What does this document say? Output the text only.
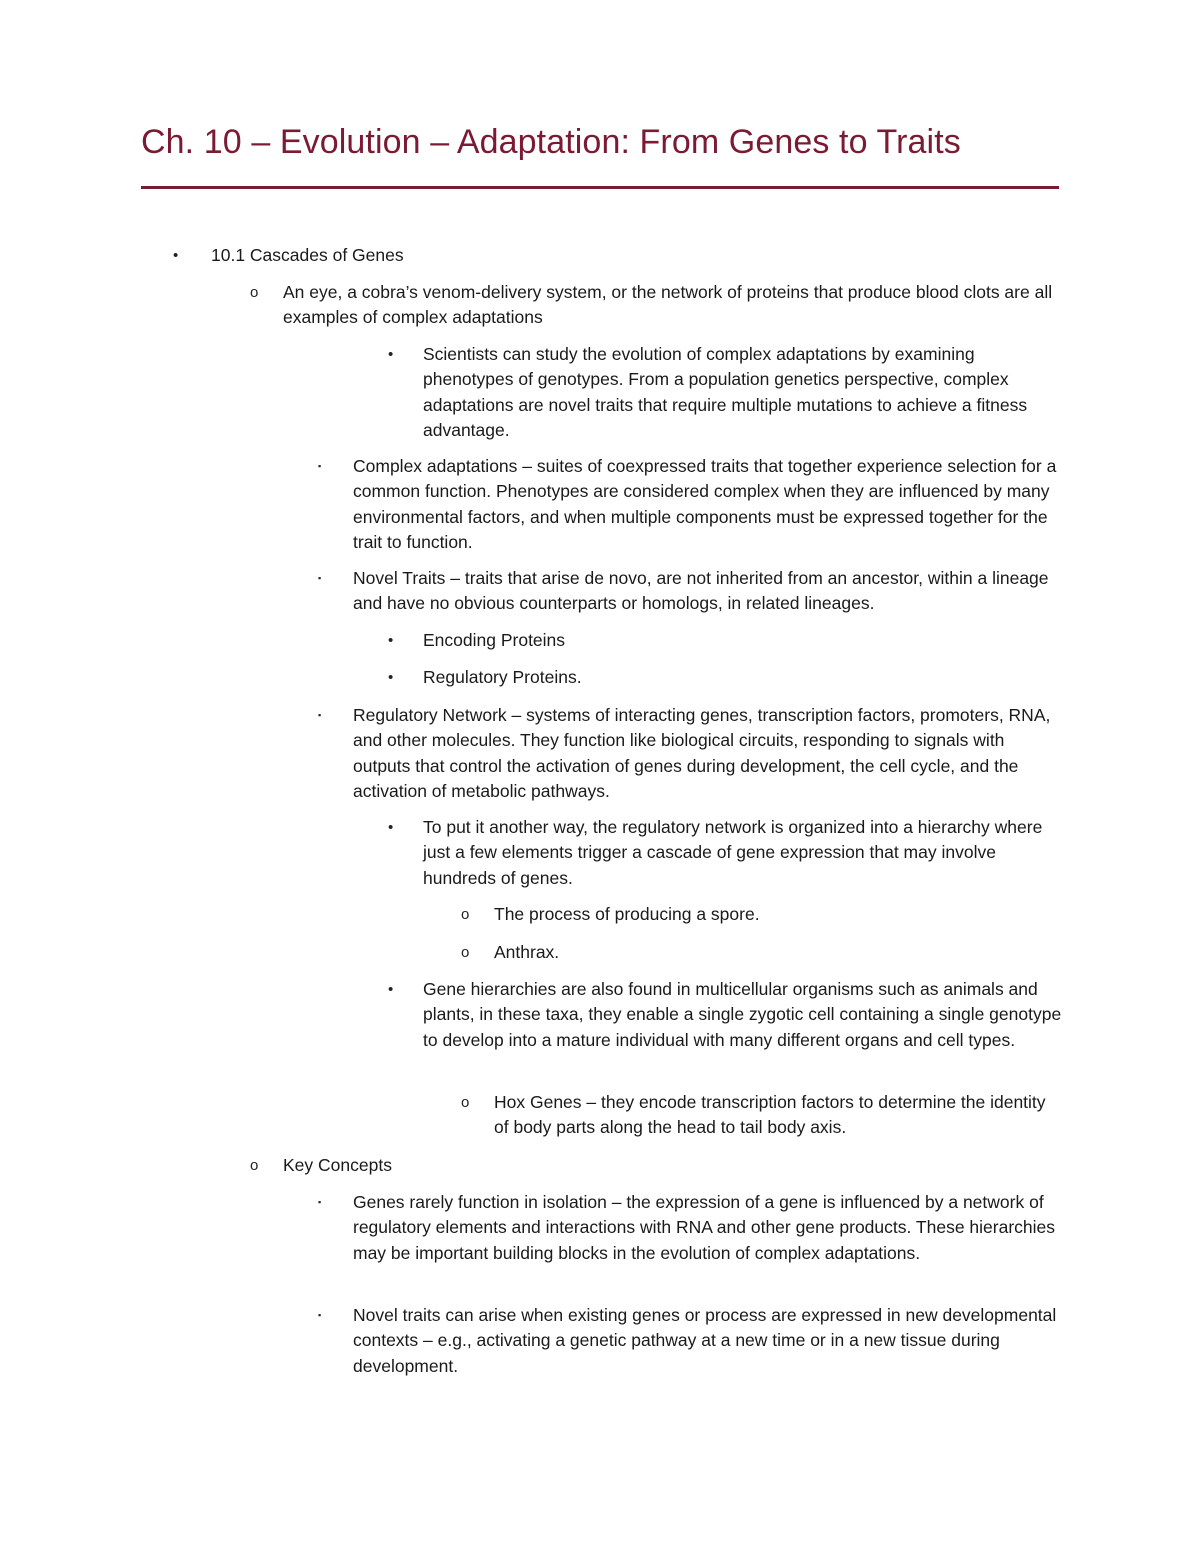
Ch. 10 – Evolution – Adaptation: From Genes to Traits
• 10.1 Cascades of Genes
o An eye, a cobra’s venom-delivery system, or the network of proteins that produce blood clots are all examples of complex adaptations
• Scientists can study the evolution of complex adaptations by examining phenotypes of genotypes. From a population genetics perspective, complex adaptations are novel traits that require multiple mutations to achieve a fitness advantage.
▪ Complex adaptations – suites of coexpressed traits that together experience selection for a common function. Phenotypes are considered complex when they are influenced by many environmental factors, and when multiple components must be expressed together for the trait to function.
▪ Novel Traits – traits that arise de novo, are not inherited from an ancestor, within a lineage and have no obvious counterparts or homologs, in related lineages.
• Encoding Proteins
• Regulatory Proteins.
▪ Regulatory Network – systems of interacting genes, transcription factors, promoters, RNA, and other molecules. They function like biological circuits, responding to signals with outputs that control the activation of genes during development, the cell cycle, and the activation of metabolic pathways.
• To put it another way, the regulatory network is organized into a hierarchy where just a few elements trigger a cascade of gene expression that may involve hundreds of genes.
o The process of producing a spore.
o Anthrax.
• Gene hierarchies are also found in multicellular organisms such as animals and plants, in these taxa, they enable a single zygotic cell containing a single genotype to develop into a mature individual with many different organs and cell types.
o Hox Genes – they encode transcription factors to determine the identity of body parts along the head to tail body axis.
o Key Concepts
▪ Genes rarely function in isolation – the expression of a gene is influenced by a network of regulatory elements and interactions with RNA and other gene products. These hierarchies may be important building blocks in the evolution of complex adaptations.
▪ Novel traits can arise when existing genes or process are expressed in new developmental contexts – e.g., activating a genetic pathway at a new time or in a new tissue during development.
